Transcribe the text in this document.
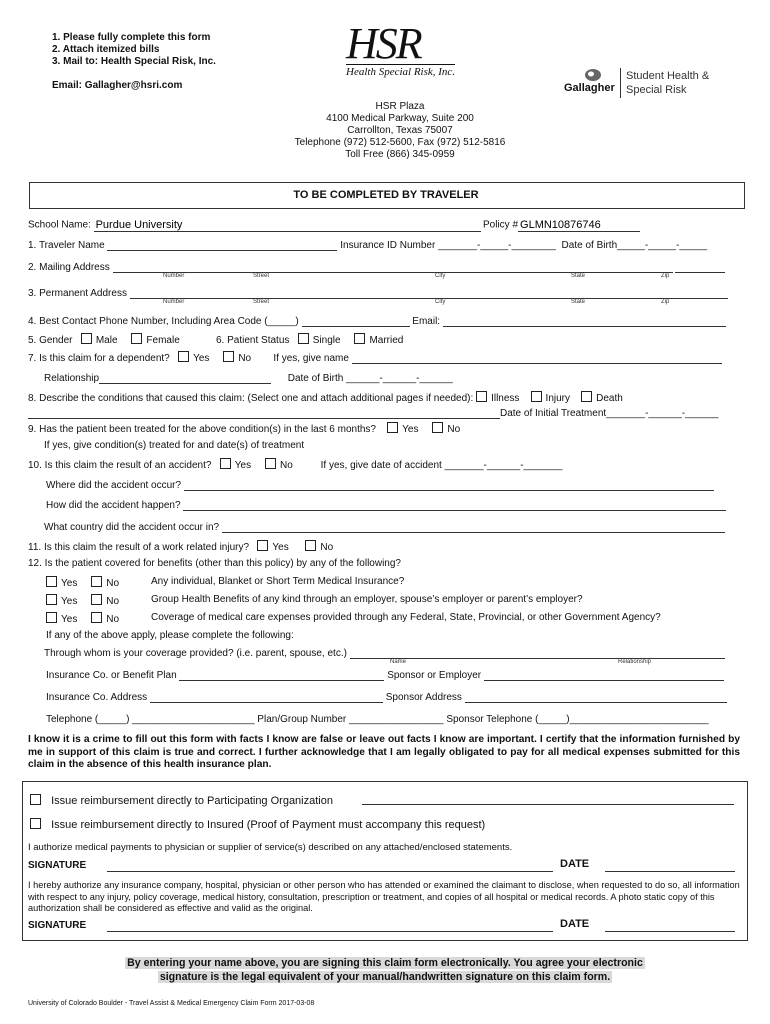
1. Please fully complete this form
2. Attach itemized bills
3. Mail to: Health Special Risk, Inc.
Email: Gallagher@hsri.com
HSR
Health Special Risk, Inc.
Gallagher
Student Health &
Special Risk
HSR Plaza
4100 Medical Parkway, Suite 200
Carrollton, Texas 75007
Telephone (972) 512-5600, Fax (972) 512-5816
Toll Free (866) 345-0959
TO BE COMPLETED BY TRAVELER
School Name: Purdue University	Policy #GLMN10876746
1. Traveler Name	Insurance ID Number _______-_____-________ Date of Birth_____-_____-_____
2. Mailing Address
Number	Street	City	State	Zip
3. Permanent Address
Number	Street	City	State	Zip
4. Best Contact Phone Number, Including Area Code (_____)	Email:
5. Gender Male	Female	6. Patient Status Single	Married
7. Is this claim for a dependent? Yes	No If yes, give name
Relationship	Date of Birth ______-______-______
8. Describe the conditions that caused this claim: (Select one and attach additional pages if needed): Illness	Injury	Death
Date of Initial Treatment_______-______-______
9. Has the patient been treated for the above condition(s) in the last 6 months?	Yes	No
If yes, give condition(s) treated for and date(s) of treatment
10. Is this claim the result of an accident? Yes	No	If yes, give date of accident _______-______-_______
Where did the accident occur?
How did the accident happen?
What country did the accident occur in?
11. Is this claim the result of a work related injury? Yes	No
12. Is the patient covered for benefits (other than this policy) by any of the following?
Yes	No	Any individual, Blanket or Short Term Medical Insurance?
Yes	No	Group Health Benefits of any kind through an employer, spouse’s employer or parent’s employer?
Yes	No	Coverage of medical care expenses provided through any Federal, State, Provincial, or other Government Agency?
If any of the above apply, please complete the following:
Through whom is your coverage provided? (i.e. parent, spouse, etc.)
Name	Relationship
Insurance Co. or Benefit Plan	Sponsor or Employer
Insurance Co. Address	Sponsor Address
Telephone (_____) ______________________ Plan/Group Number _________________ Sponsor Telephone (_____)_________________________
I know it is a crime to fill out this form with facts I know are false or leave out facts I know are important. I certify that the information furnished by me in support of this claim is true and correct. I further acknowledge that I am legally obligated to pay for all medical expenses submitted for this claim in the absence of this health insurance plan.
Issue reimbursement directly to Participating Organization
Issue reimbursement directly to Insured (Proof of Payment must accompany this request)
I authorize medical payments to physician or supplier of service(s) described on any attached/enclosed statements.
SIGNATURE	DATE
I hereby authorize any insurance company, hospital, physician or other person who has attended or examined the claimant to disclose, when requested to do so, all information with respect to any injury, policy coverage, medical history, consultation, prescription or treatment, and copies of all hospital or medical records. A photo static copy of this authorization shall be considered as effective and valid as the original.
SIGNATURE	DATE
By entering your name above, you are signing this claim form electronically. You agree your electronic
signature is the legal equivalent of your manual/handwritten signature on this claim form.
University of Colorado Boulder - Travel Assist & Medical Emergency Claim Form 2017-03-08
